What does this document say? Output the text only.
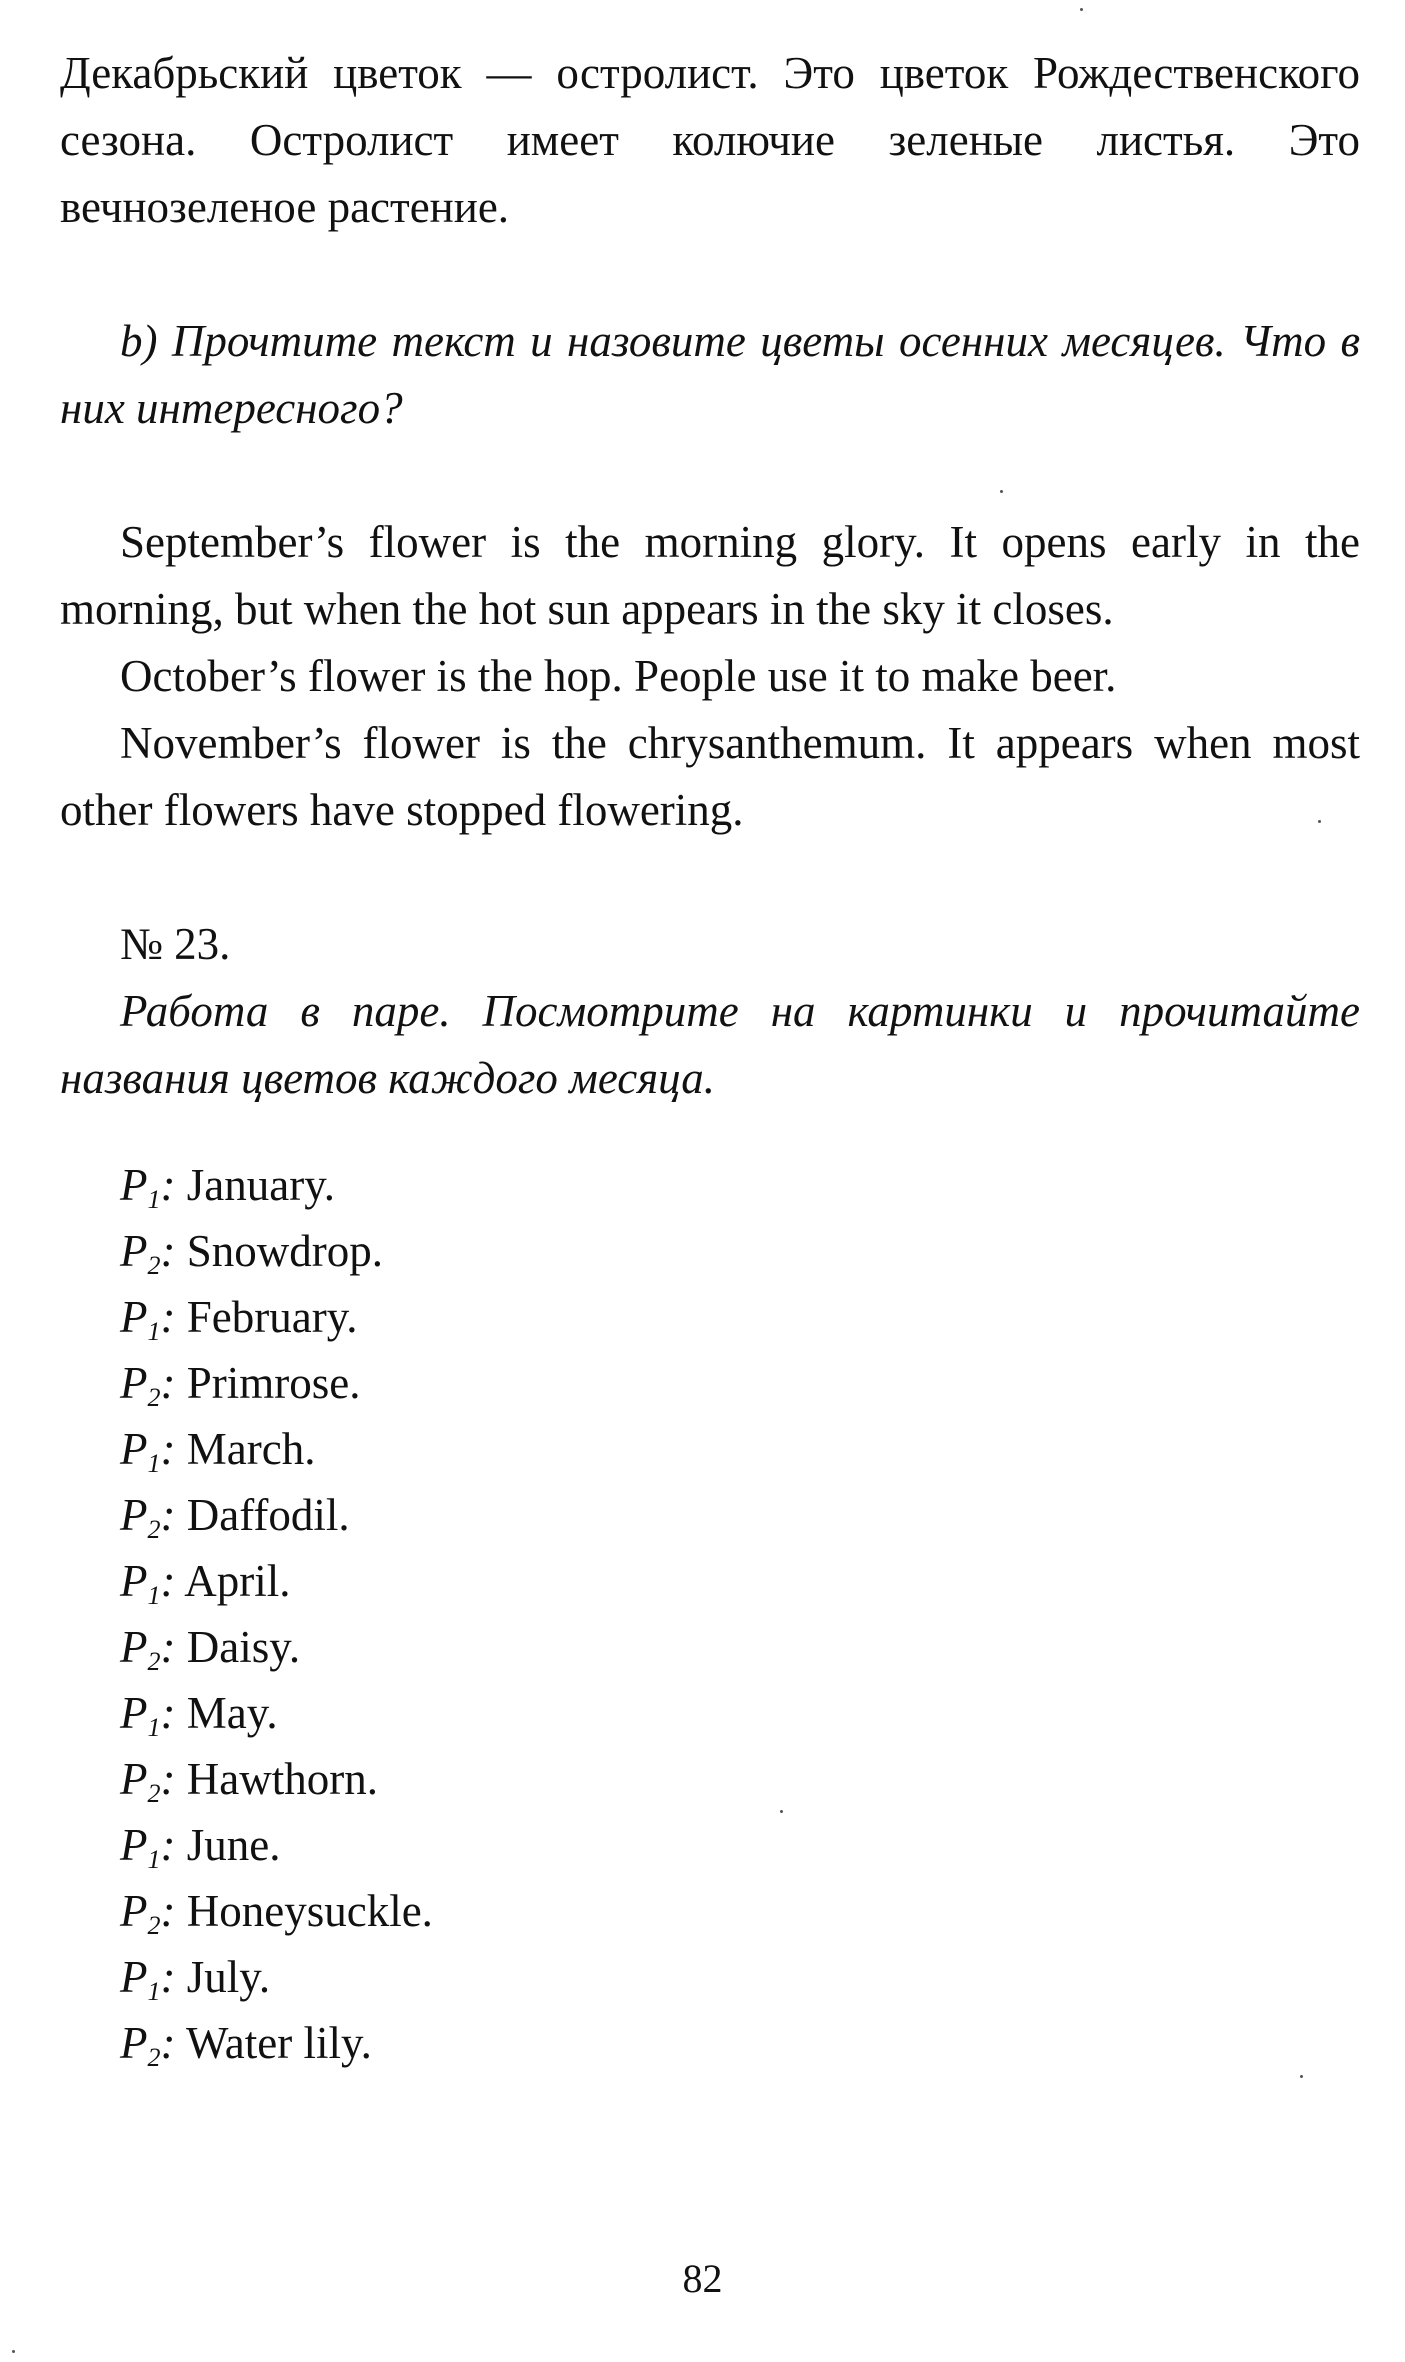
Декабрьский цветок — остролист. Это цветок Рождественского сезона. Остролист имеет колючие зеленые листья. Это вечнозеленое растение.

b) Прочтите текст и назовите цветы осенних месяцев. Что в них интересного?

September’s flower is the morning glory. It opens early in the morning, but when the hot sun appears in the sky it closes.

October’s flower is the hop. People use it to make beer.

November’s flower is the chrysanthemum. It appears when most other flowers have stopped flowering.

№ 23.

Работа в паре. Посмотрите на картинки и прочитайте названия цветов каждого месяца.

$P_1$: January.
$P_2$: Snowdrop.
$P_1$: February.
$P_2$: Primrose.
$P_1$: March.
$P_2$: Daffodil.
$P_1$: April.
$P_2$: Daisy.
$P_1$: May.
$P_2$: Hawthorn.
$P_1$: June.
$P_2$: Honeysuckle.
$P_1$: July.
$P_2$: Water lily.
82
